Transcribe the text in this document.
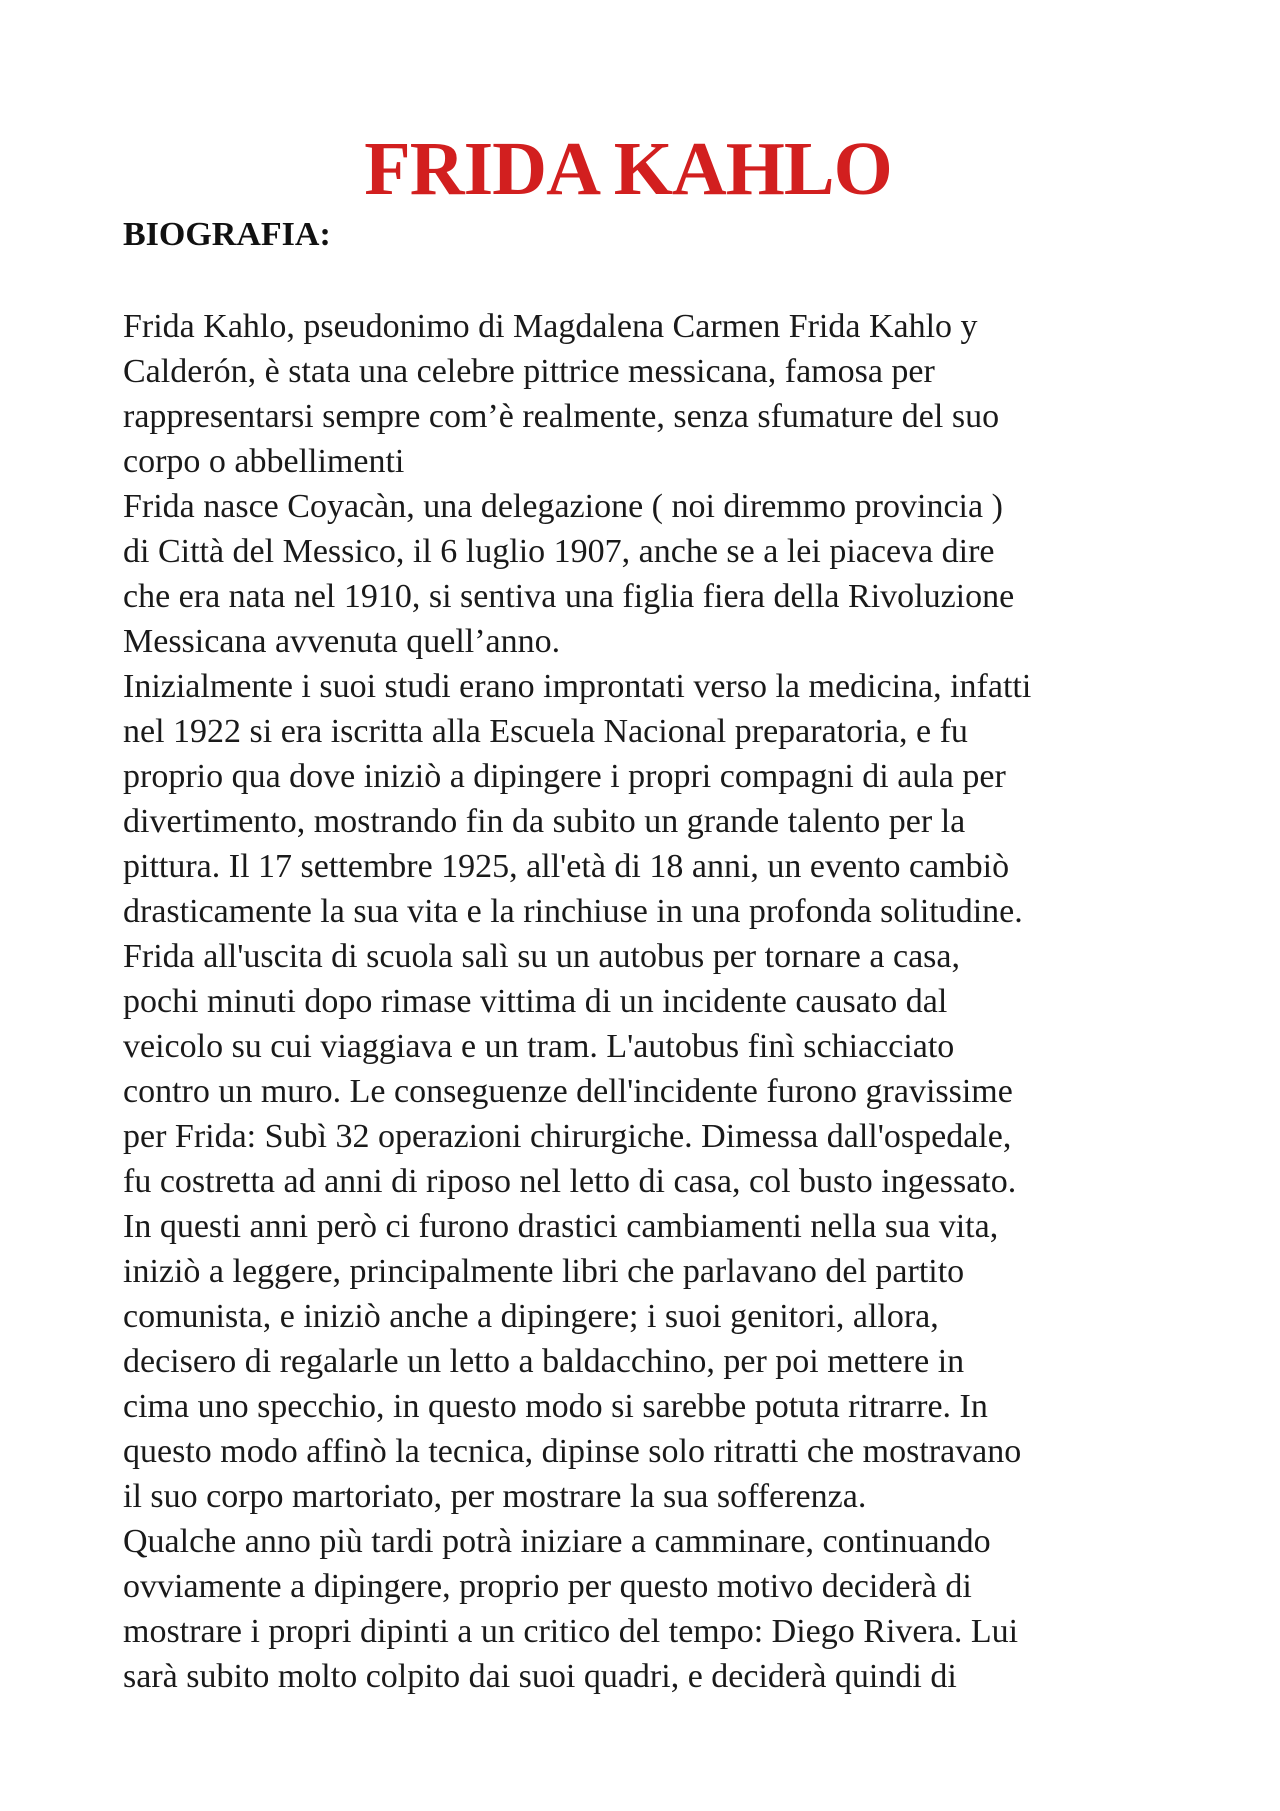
FRIDA KAHLO
BIOGRAFIA:
Frida Kahlo, pseudonimo di Magdalena Carmen Frida Kahlo y
Calderón, è stata una celebre pittrice messicana, famosa per
rappresentarsi sempre com’è realmente, senza sfumature del suo
corpo o abbellimenti
Frida nasce Coyacàn, una delegazione ( noi diremmo provincia )
di Città del Messico, il 6 luglio 1907, anche se a lei piaceva dire
che era nata nel 1910, si sentiva una figlia fiera della Rivoluzione
Messicana avvenuta quell’anno.
Inizialmente i suoi studi erano improntati verso la medicina, infatti
nel 1922 si era iscritta alla Escuela Nacional preparatoria, e fu
proprio qua dove iniziò a dipingere i propri compagni di aula per
divertimento, mostrando fin da subito un grande talento per la
pittura. Il 17 settembre 1925, all'età di 18 anni, un evento cambiò
drasticamente la sua vita e la rinchiuse in una profonda solitudine.
Frida all'uscita di scuola salì su un autobus per tornare a casa,
pochi minuti dopo rimase vittima di un incidente causato dal
veicolo su cui viaggiava e un tram. L'autobus finì schiacciato
contro un muro. Le conseguenze dell'incidente furono gravissime
per Frida: Subì 32 operazioni chirurgiche. Dimessa dall'ospedale,
fu costretta ad anni di riposo nel letto di casa, col busto ingessato.
In questi anni però ci furono drastici cambiamenti nella sua vita,
iniziò a leggere, principalmente libri che parlavano del partito
comunista, e iniziò anche a dipingere; i suoi genitori, allora,
decisero di regalarle un letto a baldacchino, per poi mettere in
cima uno specchio, in questo modo si sarebbe potuta ritrarre. In
questo modo affinò la tecnica, dipinse solo ritratti che mostravano
il suo corpo martoriato, per mostrare la sua sofferenza.
Qualche anno più tardi potrà iniziare a camminare, continuando
ovviamente a dipingere, proprio per questo motivo deciderà di
mostrare i propri dipinti a un critico del tempo: Diego Rivera. Lui
sarà subito molto colpito dai suoi quadri, e deciderà quindi di
